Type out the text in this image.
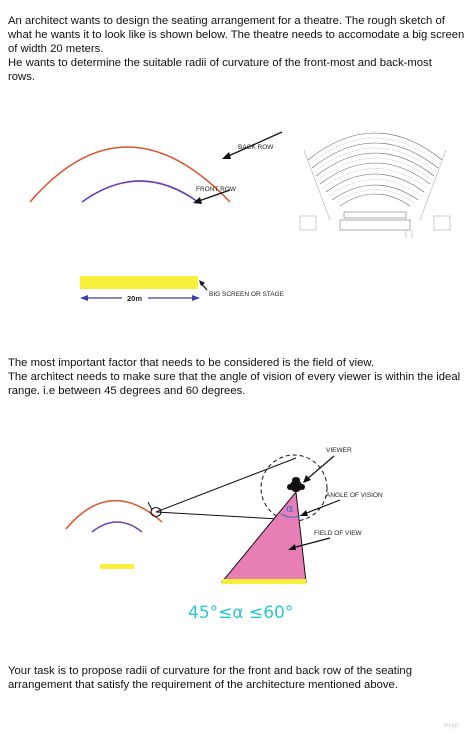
An architect wants to design the seating arrangement for a theatre. The rough sketch of
what he wants it to look like is shown below. The theatre needs to accomodate a big screen
of width 20 meters.
He wants to determine the suitable radii of curvature of the front-most and back-most
rows.

BACK ROW
FRONT ROW
BIG SCREEN OR STAGE
20m

The most important factor that needs to be considered is the field of view.
The architect needs to make sure that the angle of vision of every viewer is within the ideal
range. i.e between 45 degrees and 60 degrees.

α
VIEWER
ANGLE OF VISION
FIELD OF VIEW
45°≤α ≤60°

Your task is to propose radii of curvature for the front and back row of the seating
arrangement that satisfy the requirement of the architecture mentioned above.

mcyp
